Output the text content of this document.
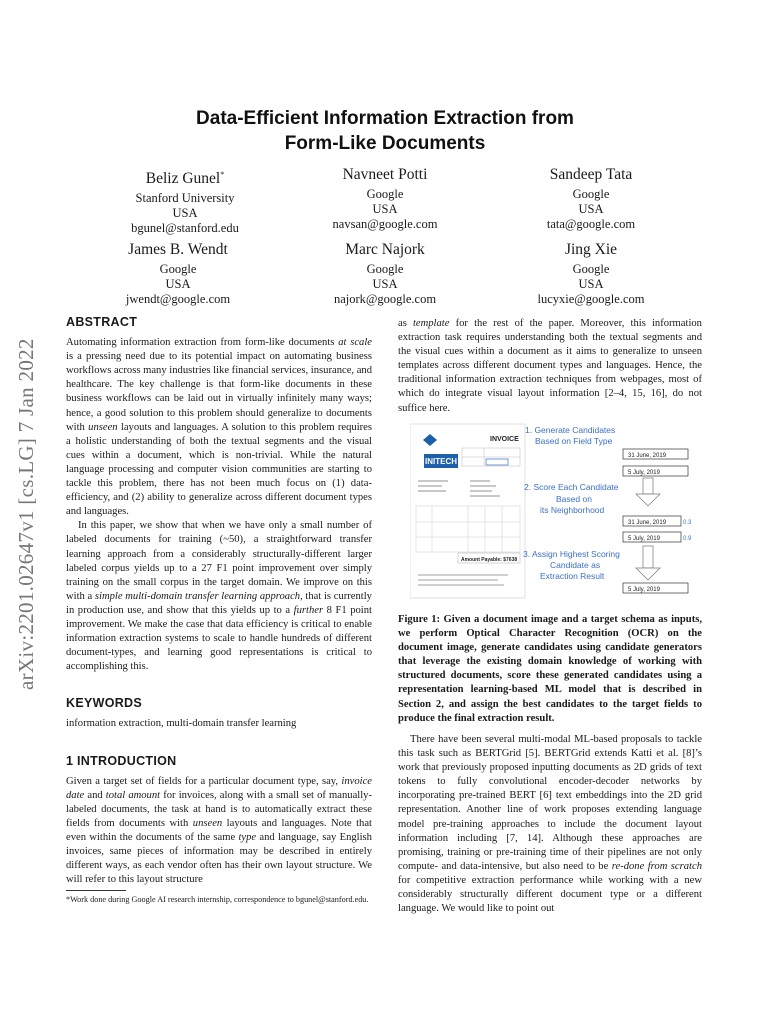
arXiv:2201.02647v1 [cs.LG] 7 Jan 2022
Data-Efficient Information Extraction from
Form-Like Documents
Beliz Gunel*
Stanford University
USA
bgunel@stanford.edu
Navneet Potti
Google
USA
navsan@google.com
Sandeep Tata
Google
USA
tata@google.com
James B. Wendt
Google
USA
jwendt@google.com
Marc Najork
Google
USA
najork@google.com
Jing Xie
Google
USA
lucyxie@google.com
ABSTRACT

Automating information extraction from form-like documents at scale is a pressing need due to its potential impact on automating business workflows across many industries like financial services, insurance, and healthcare. The key challenge is that form-like documents in these business workflows can be laid out in virtually infinitely many ways; hence, a good solution to this problem should generalize to documents with unseen layouts and languages. A solution to this problem requires a holistic understanding of both the textual segments and the visual cues within a document, which is non-trivial. While the natural language processing and computer vision communities are starting to tackle this problem, there has not been much focus on (1) data-efficiency, and (2) ability to generalize across different document types and languages.

In this paper, we show that when we have only a small number of labeled documents for training (~50), a straightforward transfer learning approach from a considerably structurally-different larger labeled corpus yields up to a 27 F1 point improvement over simply training on the small corpus in the target domain. We improve on this with a simple multi-domain transfer learning approach, that is currently in production use, and show that this yields up to a further 8 F1 point improvement. We make the case that data efficiency is critical to enable information extraction systems to scale to handle hundreds of different document-types, and learning good representations is critical to accomplishing this.

KEYWORDS

information extraction, multi-domain transfer learning

1 INTRODUCTION

Given a target set of fields for a particular document type, say, invoice date and total amount for invoices, along with a small set of manually-labeled documents, the task at hand is to automatically extract these fields from documents with unseen layouts and languages. Note that even within the documents of the same type and language, say English invoices, same pieces of information may be described in entirely different ways, as each vendor often has their own layout structure. We will refer to this layout structure

*Work done during Google AI research internship, correspondence to bgunel@stanford.edu.

as template for the rest of the paper. Moreover, this information extraction task requires understanding both the textual segments and the visual cues within a document as it aims to generalize to unseen templates across different document types and languages. Hence, the traditional information extraction techniques from webpages, most of which do integrate visual layout information [2–4, 15, 16], do not suffice here.

INITECH
INVOICE
Amount Payable: $7638
1. Generate Candidates
Based on Field Type
31 June, 2019
5 July, 2019
2. Score Each Candidate
Based on
its Neighborhood
31 June, 2019	0.3
5 July, 2019	0.9
3. Assign Highest Scoring
Candidate as
Extraction Result
5 July, 2019
Figure 1: Given a document image and a target schema as inputs, we perform Optical Character Recognition (OCR) on the document image, generate candidates using candidate generators that leverage the existing domain knowledge of working with structured documents, score these generated candidates using a representation learning-based ML model that is described in Section 2, and assign the best candidates to the target fields to produce the final extraction result.

There have been several multi-modal ML-based proposals to tackle this task such as BERTGrid [5]. BERTGrid extends Katti et al. [8]’s work that previously proposed inputting documents as 2D grids of text tokens to fully convolutional encoder-decoder networks by incorporating pre-trained BERT [6] text embeddings into the 2D grid representation. Another line of work proposes extending language model pre-training approaches to include the document layout information including [7, 14]. Although these approaches are promising, training or pre-training time of their pipelines are not only compute- and data-intensive, but also need to be re-done from scratch for competitive extraction performance while working with a new considerably structurally different document type or a different language. We would like to point out
